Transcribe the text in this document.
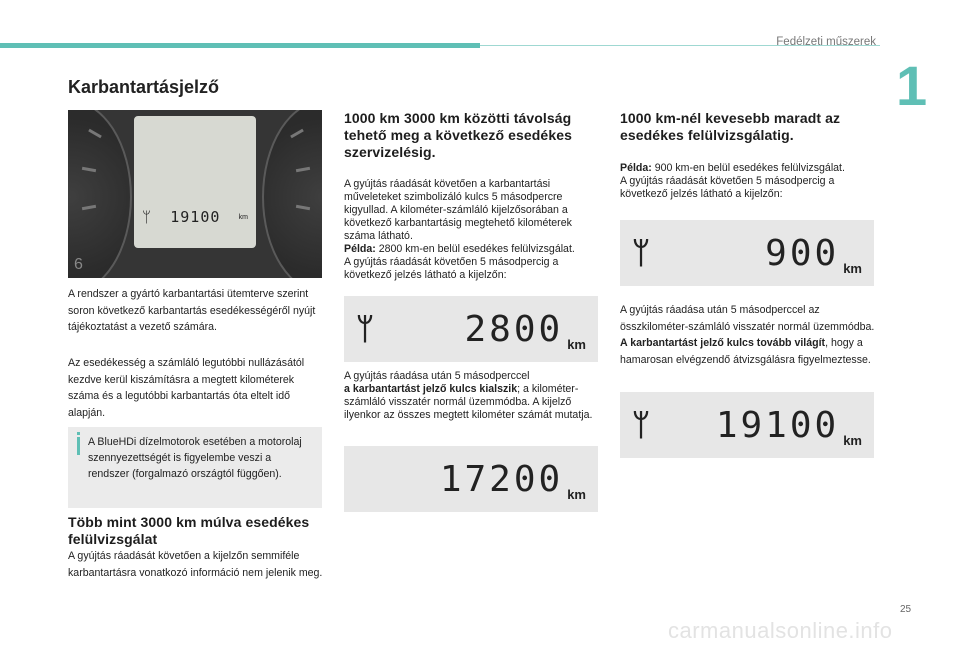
Fedélzeti műszerek
1
Karbantartásjelző
6
ᛘ 19100	km

A rendszer a gyártó karbantartási ütemterve szerint soron következő karbantartás esedékességéről nyújt tájékoztatást a vezető számára.

Az esedékesség a számláló legutóbbi nullázásától kezdve kerül kiszámításra a megtett kilométerek száma és a legutóbbi karbantartás óta eltelt idő alapján.

A BlueHDi dízelmotorok esetében a motorolaj szennyezettségét is figyelembe veszi a rendszer (forgalmazó országtól függően).
Több mint 3000 km múlva esedékes felülvizsgálat

A gyújtás ráadását követően a kijelzőn semmiféle karbantartásra vonatkozó információ nem jelenik meg.

1000 km 3000 km közötti távolság tehető meg a következő esedékes szervizelésig.

A gyújtás ráadását követően a karbantartási műveleteket szimbolizáló kulcs 5 másodpercre kigyullad. A kilométer-számláló kijelzősorában a következő karbantartásig megtehető kilométerek száma látható.
Példa: 2800 km-en belül esedékes felülvizsgálat.
A gyújtás ráadását követően 5 másodpercig a következő jelzés látható a kijelzőn:

ᛘ	2800 km

A gyújtás ráadása után 5 másodperccel
a karbantartást jelző kulcs kialszik; a kilométer-számláló visszatér normál üzemmódba. A kijelző ilyenkor az összes megtett kilométer számát mutatja.

17200 km
1000 km-nél kevesebb maradt az esedékes felülvizsgálatig.

Példa: 900 km-en belül esedékes felülvizsgálat.
A gyújtás ráadását követően 5 másodpercig a következő jelzés látható a kijelzőn:

ᛘ	900 km

A gyújtás ráadása után 5 másodperccel az összkilométer-számláló visszatér normál üzemmódba. A karbantartást jelző kulcs tovább világít, hogy a hamarosan elvégzendő átvizsgálásra figyelmeztesse.

ᛘ 19100 km
25
carmanualsonline.info
